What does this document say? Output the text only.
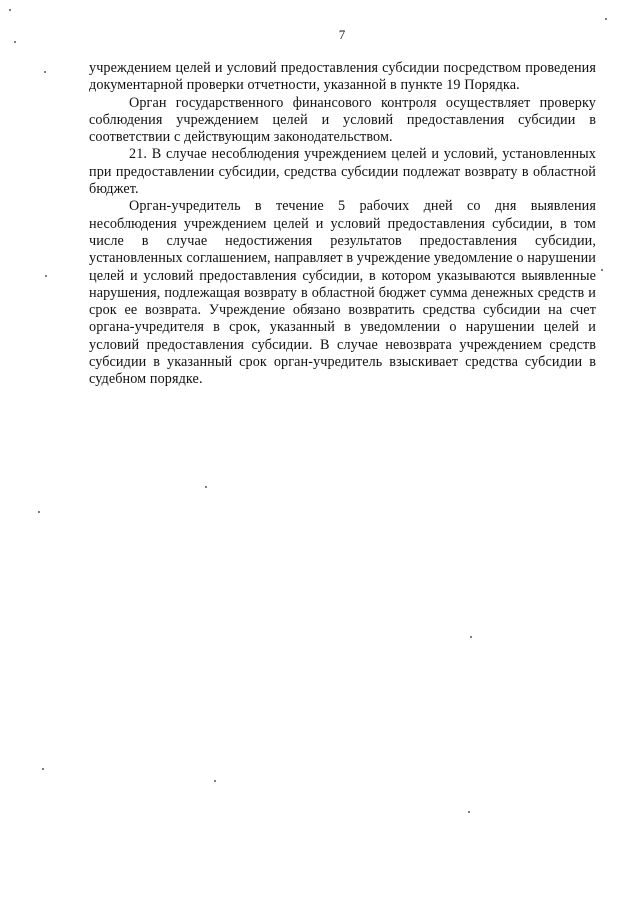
7

учреждением целей и условий предоставления субсидии посредством проведения документарной проверки отчетности, указанной в пункте 19 Порядка.

Орган государственного финансового контроля осуществляет проверку соблюдения учреждением целей и условий предоставления субсидии в соответствии с действующим законодательством.

21. В случае несоблюдения учреждением целей и условий, установленных при предоставлении субсидии, средства субсидии подлежат возврату в областной бюджет.

Орган-учредитель в течение 5 рабочих дней со дня выявления несоблюдения учреждением целей и условий предоставления субсидии, в том числе в случае недостижения результатов предоставления субсидии, установленных соглашением, направляет в учреждение уведомление о нарушении целей и условий предоставления субсидии, в котором указываются выявленные нарушения, подлежащая возврату в областной бюджет сумма денежных средств и срок ее возврата. Учреждение обязано возвратить средства субсидии на счет органа-учредителя в срок, указанный в уведомлении о нарушении целей и условий предоставления субсидии. В случае невозврата учреждением средств субсидии в указанный срок орган-учредитель взыскивает средства субсидии в судебном порядке.
